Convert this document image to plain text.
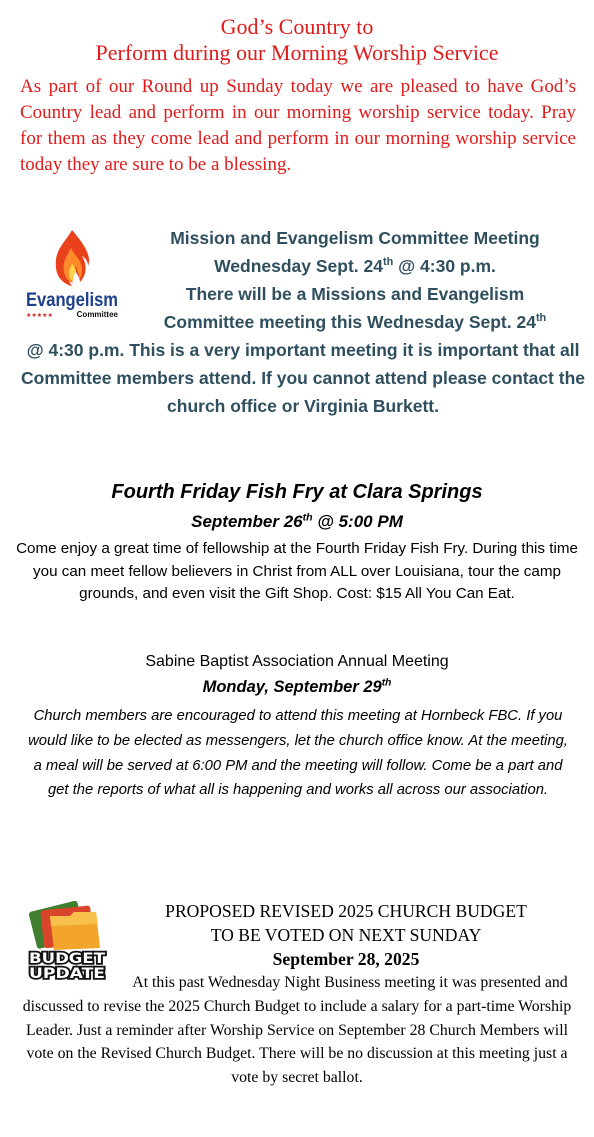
God’s Country to
Perform during our Morning Worship Service
As part of our Round up Sunday today we are pleased to have God’s Country lead and perform in our morning worship service today. Pray for them as they come lead and perform in our morning worship service today they are sure to be a blessing.
Evangelism
★★★★★	Committee
Mission and Evangelism Committee Meeting
Wednesday Sept. 24th @ 4:30 p.m.
There will be a Missions and Evangelism
Committee meeting this Wednesday Sept. 24th
@ 4:30 p.m. This is a very important meeting it is important that all Committee members attend. If you cannot attend please contact the church office or Virginia Burkett.
Fourth Friday Fish Fry at Clara Springs
September 26th @ 5:00 PM
Come enjoy a great time of fellowship at the Fourth Friday Fish Fry. During this time you can meet fellow believers in Christ from ALL over Louisiana, tour the camp grounds, and even visit the Gift Shop. Cost: $15 All You Can Eat.
Sabine Baptist Association Annual Meeting
Monday, September 29th
Church members are encouraged to attend this meeting at Hornbeck FBC. If you would like to be elected as messengers, let the church office know. At the meeting, a meal will be served at 6:00 PM and the meeting will follow. Come be a part and get the reports of what all is happening and works all across our association.
BUDGET
UPDATE
PROPOSED REVISED 2025 CHURCH BUDGET
TO BE VOTED ON NEXT SUNDAY
September 28, 2025
At this past Wednesday Night Business meeting it was presented and discussed to revise the 2025 Church Budget to include a salary for a part-time Worship Leader. Just a reminder after Worship Service on September 28 Church Members will vote on the Revised Church Budget. There will be no discussion at this meeting just a vote by secret ballot.
